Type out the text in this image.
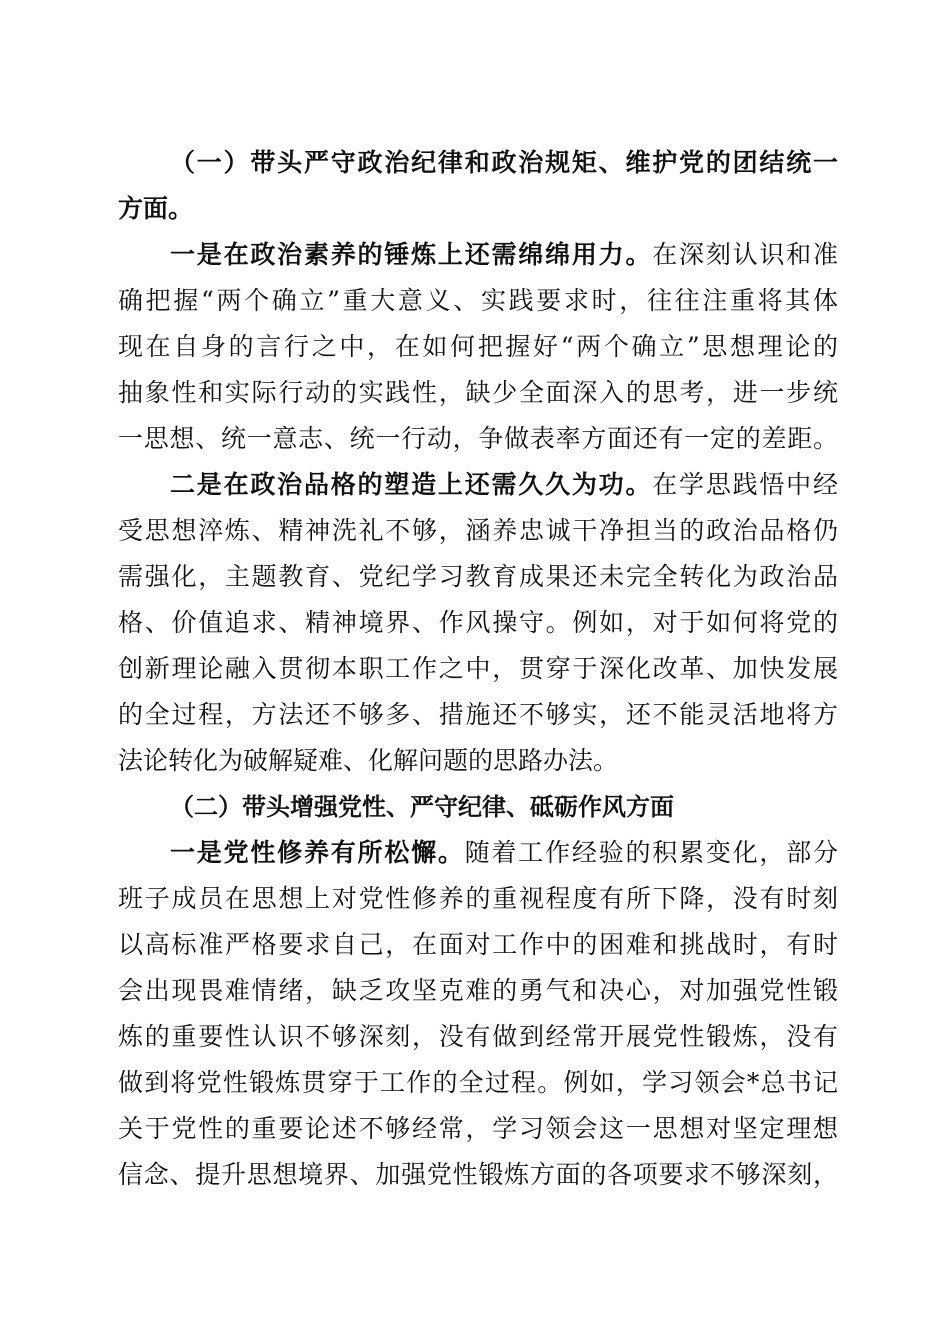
（一）带头严守政治纪律和政治规矩、维护党的团结统一
方面。
一是在政治素养的锤炼上还需绵绵用力。在深刻认识和准
确把握“两个确立”重大意义、实践要求时，往往注重将其体
现在自身的言行之中，在如何把握好“两个确立”思想理论的
抽象性和实际行动的实践性，缺少全面深入的思考，进一步统
一思想、统一意志、统一行动，争做表率方面还有一定的差距。
二是在政治品格的塑造上还需久久为功。在学思践悟中经
受思想淬炼、精神洗礼不够，涵养忠诚干净担当的政治品格仍
需强化，主题教育、党纪学习教育成果还未完全转化为政治品
格、价值追求、精神境界、作风操守。例如，对于如何将党的
创新理论融入贯彻本职工作之中，贯穿于深化改革、加快发展
的全过程，方法还不够多、措施还不够实，还不能灵活地将方
法论转化为破解疑难、化解问题的思路办法。
（二）带头增强党性、严守纪律、砥砺作风方面
一是党性修养有所松懈。随着工作经验的积累变化，部分
班子成员在思想上对党性修养的重视程度有所下降，没有时刻
以高标准严格要求自己，在面对工作中的困难和挑战时，有时
会出现畏难情绪，缺乏攻坚克难的勇气和决心，对加强党性锻
炼的重要性认识不够深刻，没有做到经常开展党性锻炼，没有
做到将党性锻炼贯穿于工作的全过程。例如，学习领会*总书记
关于党性的重要论述不够经常，学习领会这一思想对坚定理想
信念、提升思想境界、加强党性锻炼方面的各项要求不够深刻，
